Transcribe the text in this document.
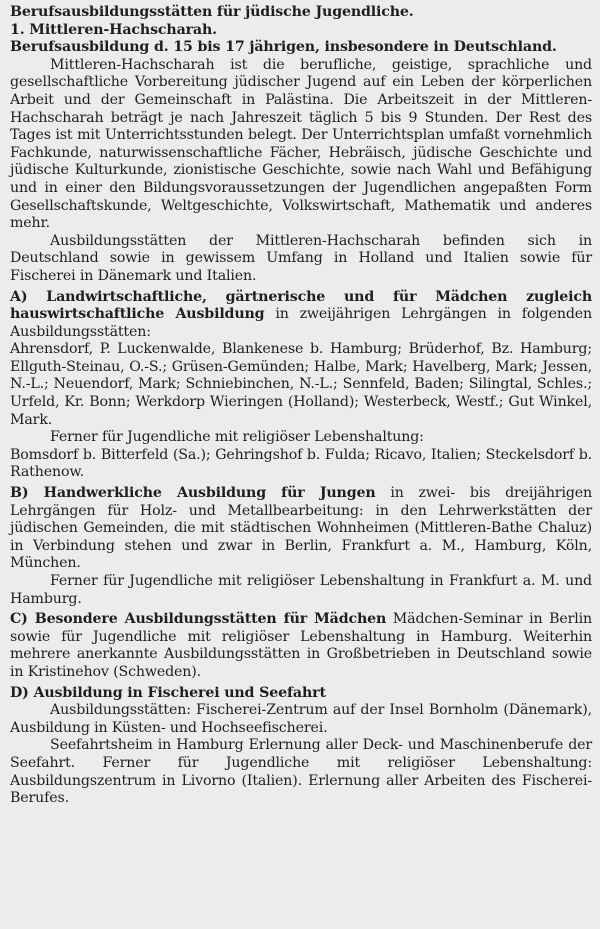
Berufsausbildungsstätten für jüdische Jugendliche.
1. Mittleren-Hachscharah.
Berufsausbildung d. 15 bis 17 jährigen, insbesondere in Deutschland.

Mittleren-Hachscharah ist die berufliche, geistige, sprachliche und gesellschaftliche Vorbereitung jüdischer Jugend auf ein Leben der körperlichen Arbeit und der Gemeinschaft in Palästina. Die Arbeitszeit in der Mittleren-Hachscharah beträgt je nach Jahreszeit täglich 5 bis 9 Stunden. Der Rest des Tages ist mit Unterrichtsstunden belegt. Der Unterrichtsplan umfaßt vornehmlich Fachkunde, naturwissenschaftliche Fächer, Hebräisch, jüdische Geschichte und jüdische Kulturkunde, zionistische Geschichte, sowie nach Wahl und Befähigung und in einer den Bildungsvoraussetzungen der Jugendlichen angepaßten Form Gesellschaftskunde, Weltgeschichte, Volkswirtschaft, Mathematik und anderes mehr.

Ausbildungsstätten der Mittleren-Hachscharah befinden sich in Deutschland sowie in gewissem Umfang in Holland und Italien sowie für Fischerei in Dänemark und Italien.

A) Landwirtschaftliche, gärtnerische und für Mädchen zugleich hauswirtschaftliche Ausbildung in zweijährigen Lehrgängen in folgenden Ausbildungsstätten:

Ahrensdorf, P. Luckenwalde, Blankenese b. Hamburg; Brüderhof, Bz. Hamburg; Ellguth-Steinau, O.-S.; Grüsen-Gemünden; Halbe, Mark; Havelberg, Mark; Jessen, N.-L.; Neuendorf, Mark; Schniebinchen, N.-L.; Sennfeld, Baden; Silingtal, Schles.; Urfeld, Kr. Bonn; Werkdorp Wieringen (Holland); Westerbeck, Westf.; Gut Winkel, Mark.

Ferner für Jugendliche mit religiöser Lebenshaltung:

Bomsdorf b. Bitterfeld (Sa.); Gehringshof b. Fulda; Ricavo, Italien; Steckelsdorf b. Rathenow.

B) Handwerkliche Ausbildung für Jungen in zwei- bis dreijährigen Lehrgängen für Holz- und Metallbearbeitung: in den Lehrwerkstätten der jüdischen Gemeinden, die mit städtischen Wohnheimen (Mittleren-Bathe Chaluz) in Verbindung stehen und zwar in Berlin, Frankfurt a. M., Hamburg, Köln, München.

Ferner für Jugendliche mit religiöser Lebenshaltung in Frankfurt a. M. und Hamburg.

C) Besondere Ausbildungsstätten für Mädchen Mädchen-Seminar in Berlin sowie für Jugendliche mit religiöser Lebenshaltung in Hamburg. Weiterhin mehrere anerkannte Ausbildungsstätten in Großbetrieben in Deutschland sowie in Kristinehov (Schweden).

D) Ausbildung in Fischerei und Seefahrt

Ausbildungsstätten: Fischerei-Zentrum auf der Insel Bornholm (Dänemark), Ausbildung in Küsten- und Hochseefischerei.

Seefahrtsheim in Hamburg Erlernung aller Deck- und Maschinenberufe der Seefahrt. Ferner für Jugendliche mit religiöser Lebenshaltung: Ausbildungszentrum in Livorno (Italien). Erlernung aller Arbeiten des Fischerei-Berufes.
